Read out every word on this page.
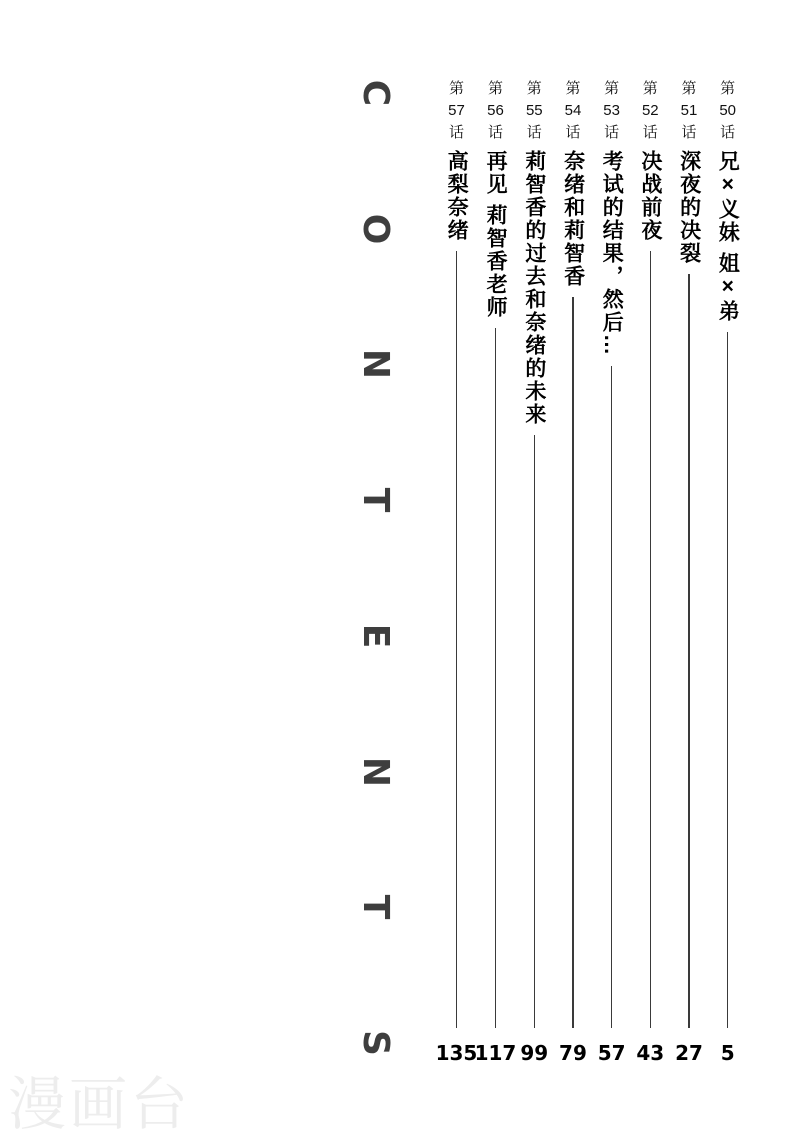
C
O
N
T
E
N
T
S
第
50
话
兄×义妹 姐×弟
5
第
51
话
深夜的决裂
27
第
52
话
决战前夜
43
第
53
话
考试的结果，然后…
57
第
54
话
奈绪和莉智香
79
第
55
话
莉智香的过去和奈绪的未来
99
第
56
话
再见 莉智香老师
117
第
57
话
高梨奈绪
135
漫画台
